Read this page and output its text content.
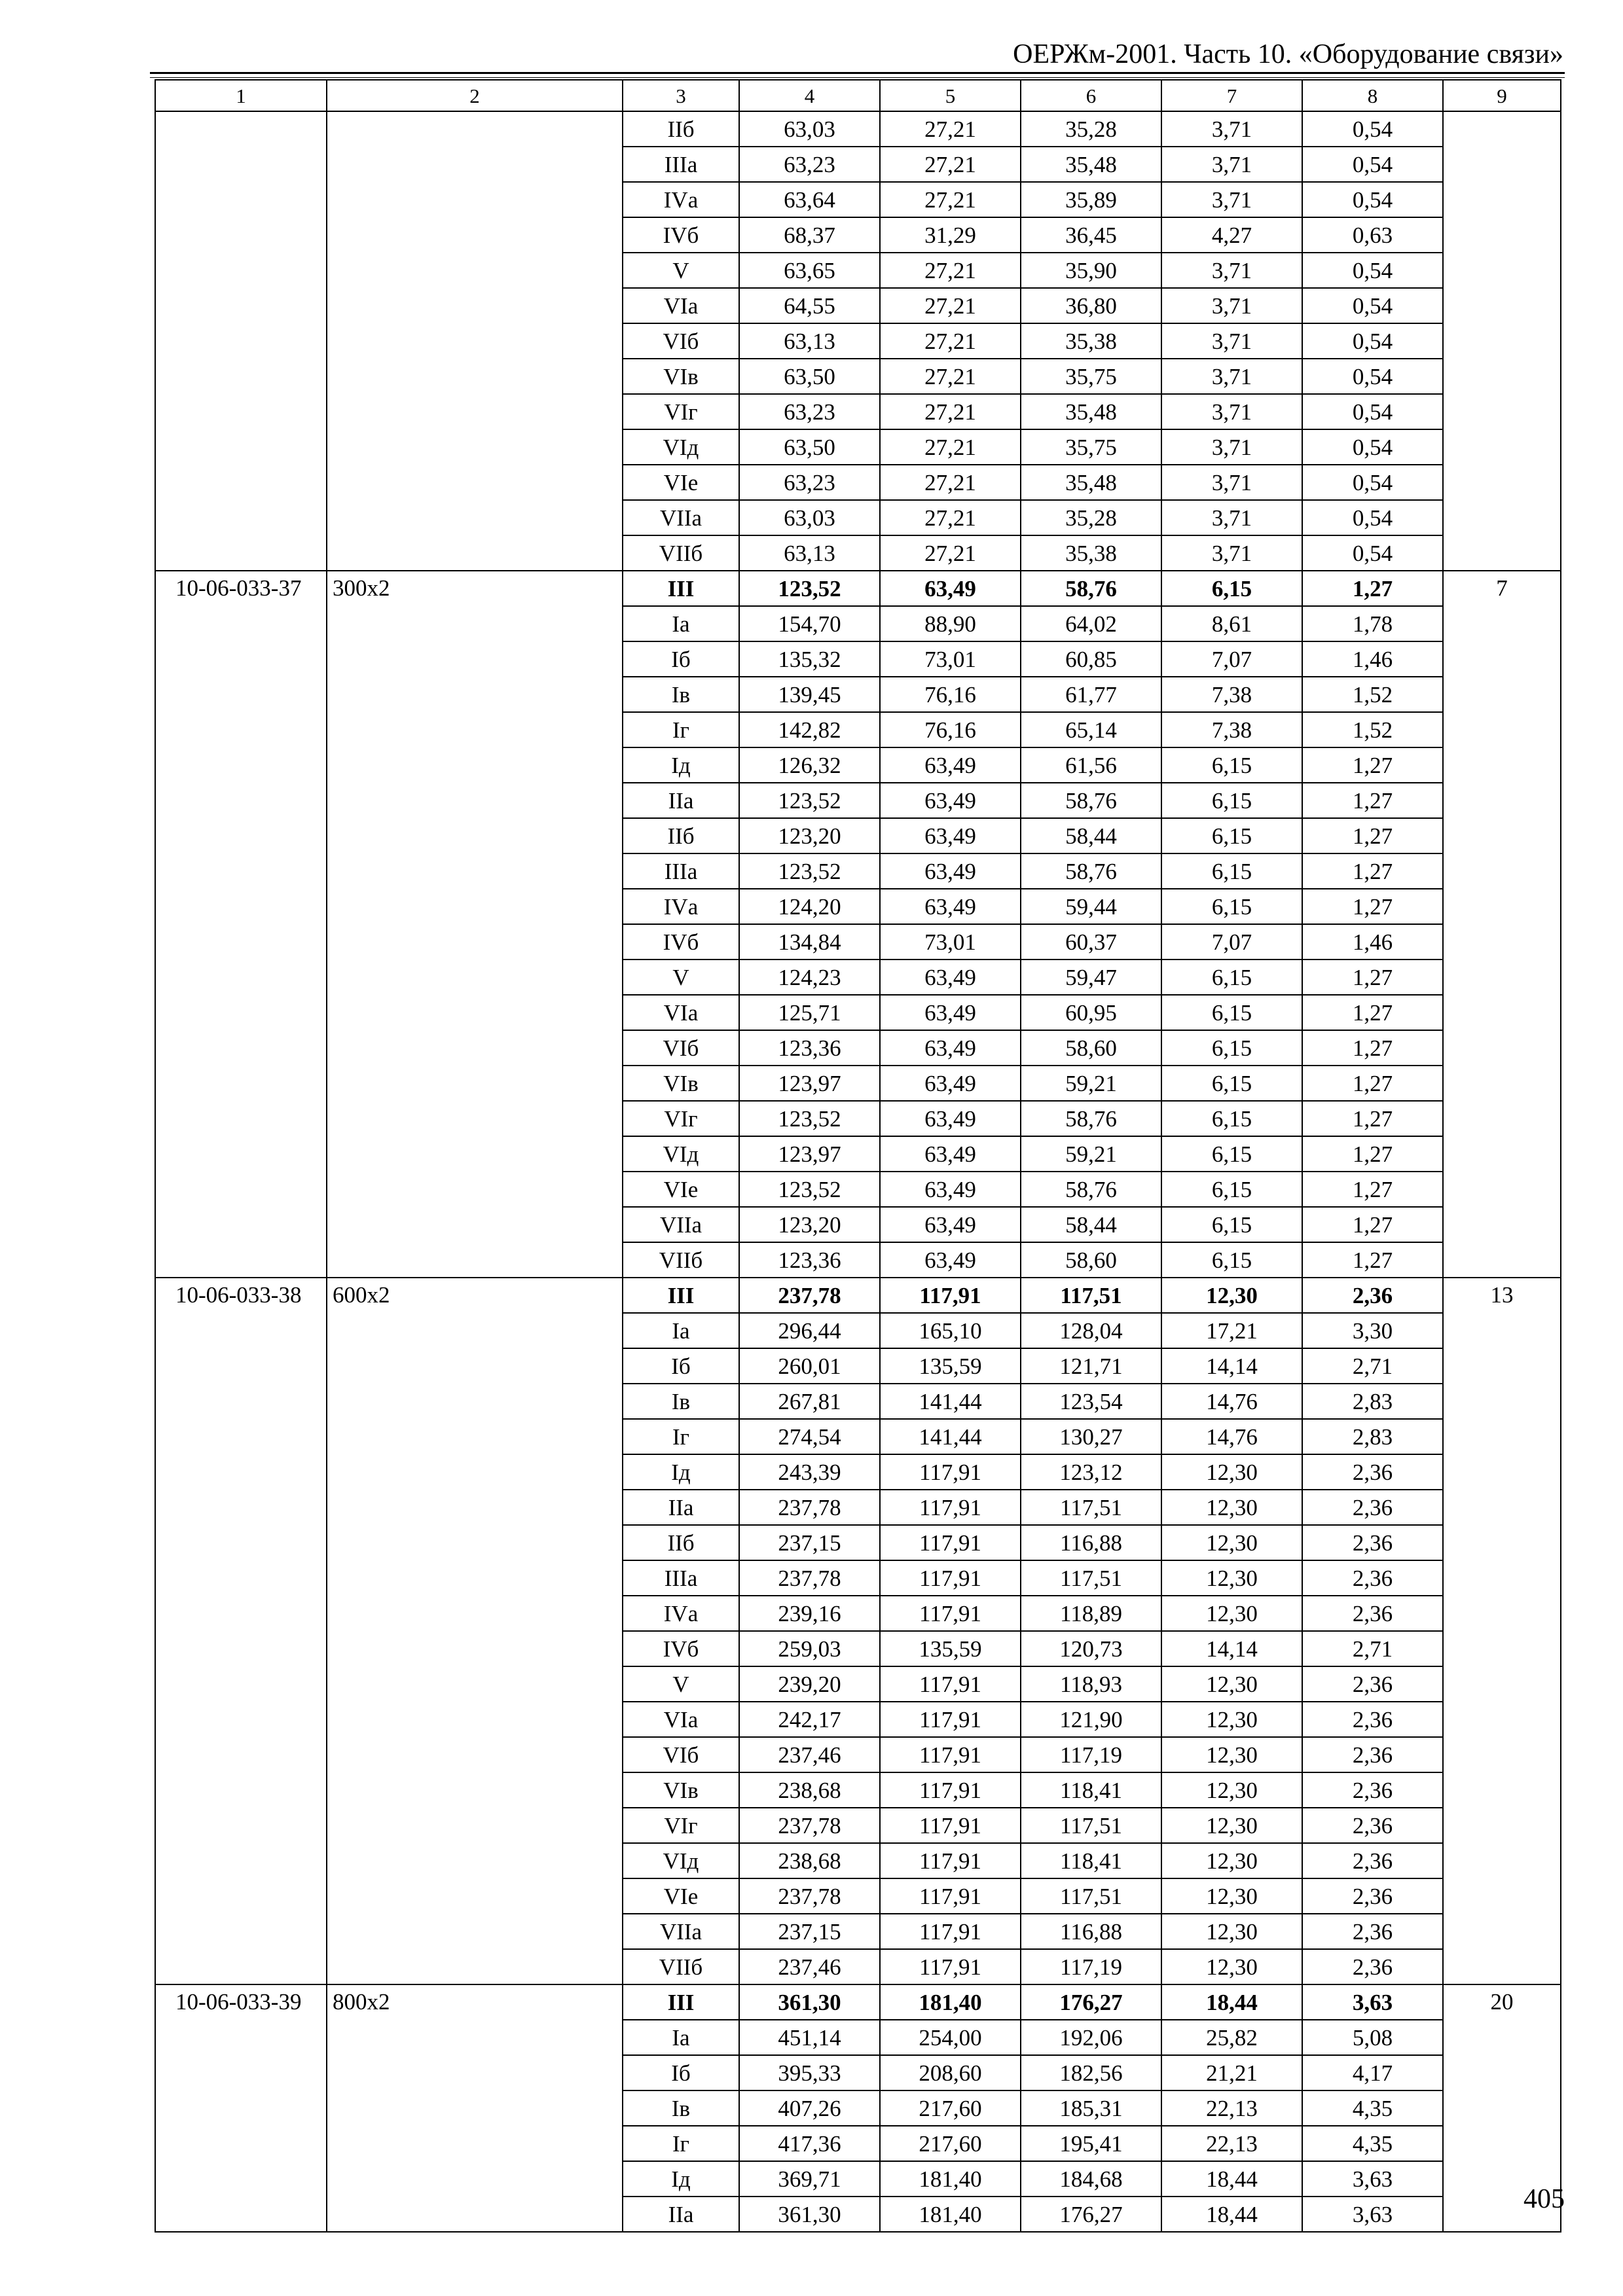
ОЕРЖм-2001. Часть 10. «Оборудование связи»
1	2	3	4	5	6	7	8	9
		IIб	63,03	27,21	35,28	3,71	0,54	
		IIIа	63,23	27,21	35,48	3,71	0,54	
		IVа	63,64	27,21	35,89	3,71	0,54	
		IVб	68,37	31,29	36,45	4,27	0,63	
		V	63,65	27,21	35,90	3,71	0,54	
		VIа	64,55	27,21	36,80	3,71	0,54	
		VIб	63,13	27,21	35,38	3,71	0,54	
		VIв	63,50	27,21	35,75	3,71	0,54	
		VIг	63,23	27,21	35,48	3,71	0,54	
		VIд	63,50	27,21	35,75	3,71	0,54	
		VIе	63,23	27,21	35,48	3,71	0,54	
		VIIа	63,03	27,21	35,28	3,71	0,54	
		VIIб	63,13	27,21	35,38	3,71	0,54	
10-06-033-37	300х2	III	123,52	63,49	58,76	6,15	1,27	7
		Iа	154,70	88,90	64,02	8,61	1,78	
		Iб	135,32	73,01	60,85	7,07	1,46	
		Iв	139,45	76,16	61,77	7,38	1,52	
		Iг	142,82	76,16	65,14	7,38	1,52	
		Iд	126,32	63,49	61,56	6,15	1,27	
		IIа	123,52	63,49	58,76	6,15	1,27	
		IIб	123,20	63,49	58,44	6,15	1,27	
		IIIа	123,52	63,49	58,76	6,15	1,27	
		IVа	124,20	63,49	59,44	6,15	1,27	
		IVб	134,84	73,01	60,37	7,07	1,46	
		V	124,23	63,49	59,47	6,15	1,27	
		VIа	125,71	63,49	60,95	6,15	1,27	
		VIб	123,36	63,49	58,60	6,15	1,27	
		VIв	123,97	63,49	59,21	6,15	1,27	
		VIг	123,52	63,49	58,76	6,15	1,27	
		VIд	123,97	63,49	59,21	6,15	1,27	
		VIе	123,52	63,49	58,76	6,15	1,27	
		VIIа	123,20	63,49	58,44	6,15	1,27	
		VIIб	123,36	63,49	58,60	6,15	1,27	
10-06-033-38	600х2	III	237,78	117,91	117,51	12,30	2,36	13
		Iа	296,44	165,10	128,04	17,21	3,30	
		Iб	260,01	135,59	121,71	14,14	2,71	
		Iв	267,81	141,44	123,54	14,76	2,83	
		Iг	274,54	141,44	130,27	14,76	2,83	
		Iд	243,39	117,91	123,12	12,30	2,36	
		IIа	237,78	117,91	117,51	12,30	2,36	
		IIб	237,15	117,91	116,88	12,30	2,36	
		IIIа	237,78	117,91	117,51	12,30	2,36	
		IVа	239,16	117,91	118,89	12,30	2,36	
		IVб	259,03	135,59	120,73	14,14	2,71	
		V	239,20	117,91	118,93	12,30	2,36	
		VIа	242,17	117,91	121,90	12,30	2,36	
		VIб	237,46	117,91	117,19	12,30	2,36	
		VIв	238,68	117,91	118,41	12,30	2,36	
		VIг	237,78	117,91	117,51	12,30	2,36	
		VIд	238,68	117,91	118,41	12,30	2,36	
		VIе	237,78	117,91	117,51	12,30	2,36	
		VIIа	237,15	117,91	116,88	12,30	2,36	
		VIIб	237,46	117,91	117,19	12,30	2,36	
10-06-033-39	800х2	III	361,30	181,40	176,27	18,44	3,63	20
		Iа	451,14	254,00	192,06	25,82	5,08	
		Iб	395,33	208,60	182,56	21,21	4,17	
		Iв	407,26	217,60	185,31	22,13	4,35	
		Iг	417,36	217,60	195,41	22,13	4,35	
		Iд	369,71	181,40	184,68	18,44	3,63	
		IIа	361,30	181,40	176,27	18,44	3,63		405
